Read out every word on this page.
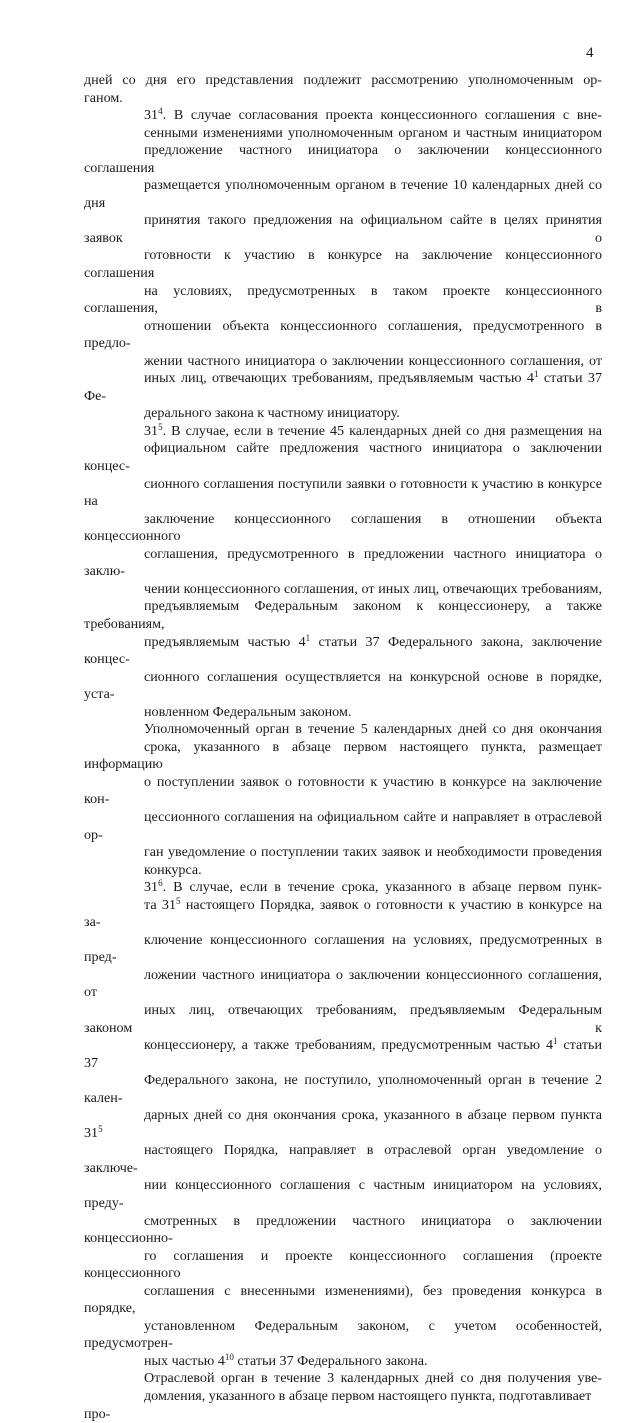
4
дней со дня его представления подлежит рассмотрению уполномоченным ор-
ганом.
$31^4$. В случае согласования проекта концессионного соглашения с вне-
сенными изменениями уполномоченным органом и частным инициатором
предложение частного инициатора о заключении концессионного соглашения
размещается уполномоченным органом в течение 10 календарных дней со дня
принятия такого предложения на официальном сайте в целях принятия заявок о
готовности к участию в конкурсе на заключение концессионного соглашения
на условиях, предусмотренных в таком проекте концессионного соглашения, в
отношении объекта концессионного соглашения, предусмотренного в предло-
жении частного инициатора о заключении концессионного соглашения, от
иных лиц, отвечающих требованиям, предъявляемым частью $4^1$ статьи 37 Фе-
дерального закона к частному инициатору.
$31^5$. В случае, если в течение 45 календарных дней со дня размещения на
официальном сайте предложения частного инициатора о заключении концес-
сионного соглашения поступили заявки о готовности к участию в конкурсе на
заключение концессионного соглашения в отношении объекта концессионного
соглашения, предусмотренного в предложении частного инициатора о заклю-
чении концессионного соглашения, от иных лиц, отвечающих требованиям,
предъявляемым Федеральным законом к концессионеру, а также требованиям,
предъявляемым частью $4^1$ статьи 37 Федерального закона, заключение концес-
сионного соглашения осуществляется на конкурсной основе в порядке, уста-
новленном Федеральным законом.
Уполномоченный орган в течение 5 календарных дней со дня окончания
срока, указанного в абзаце первом настоящего пункта, размещает информацию
о поступлении заявок о готовности к участию в конкурсе на заключение кон-
цессионного соглашения на официальном сайте и направляет в отраслевой ор-
ган уведомление о поступлении таких заявок и необходимости проведения
конкурса.
$31^6$. В случае, если в течение срока, указанного в абзаце первом пунк-
та $31^5$ настоящего Порядка, заявок о готовности к участию в конкурсе на за-
ключение концессионного соглашения на условиях, предусмотренных в пред-
ложении частного инициатора о заключении концессионного соглашения, от
иных лиц, отвечающих требованиям, предъявляемым Федеральным законом к
концессионеру, а также требованиям, предусмотренным частью $4^1$ статьи 37
Федерального закона, не поступило, уполномоченный орган в течение 2 кален-
дарных дней со дня окончания срока, указанного в абзаце первом пункта $31^5$
настоящего Порядка, направляет в отраслевой орган уведомление о заключе-
нии концессионного соглашения с частным инициатором на условиях, преду-
смотренных в предложении частного инициатора о заключении концессионно-
го соглашения и проекте концессионного соглашения (проекте концессионного
соглашения с внесенными изменениями), без проведения конкурса в порядке,
установленном Федеральным законом, с учетом особенностей, предусмотрен-
ных частью $4^{10}$ статьи 37 Федерального закона.
Отраслевой орган в течение 3 календарных дней со дня получения уве-
домления, указанного в абзаце первом настоящего пункта, подготавливает про-
